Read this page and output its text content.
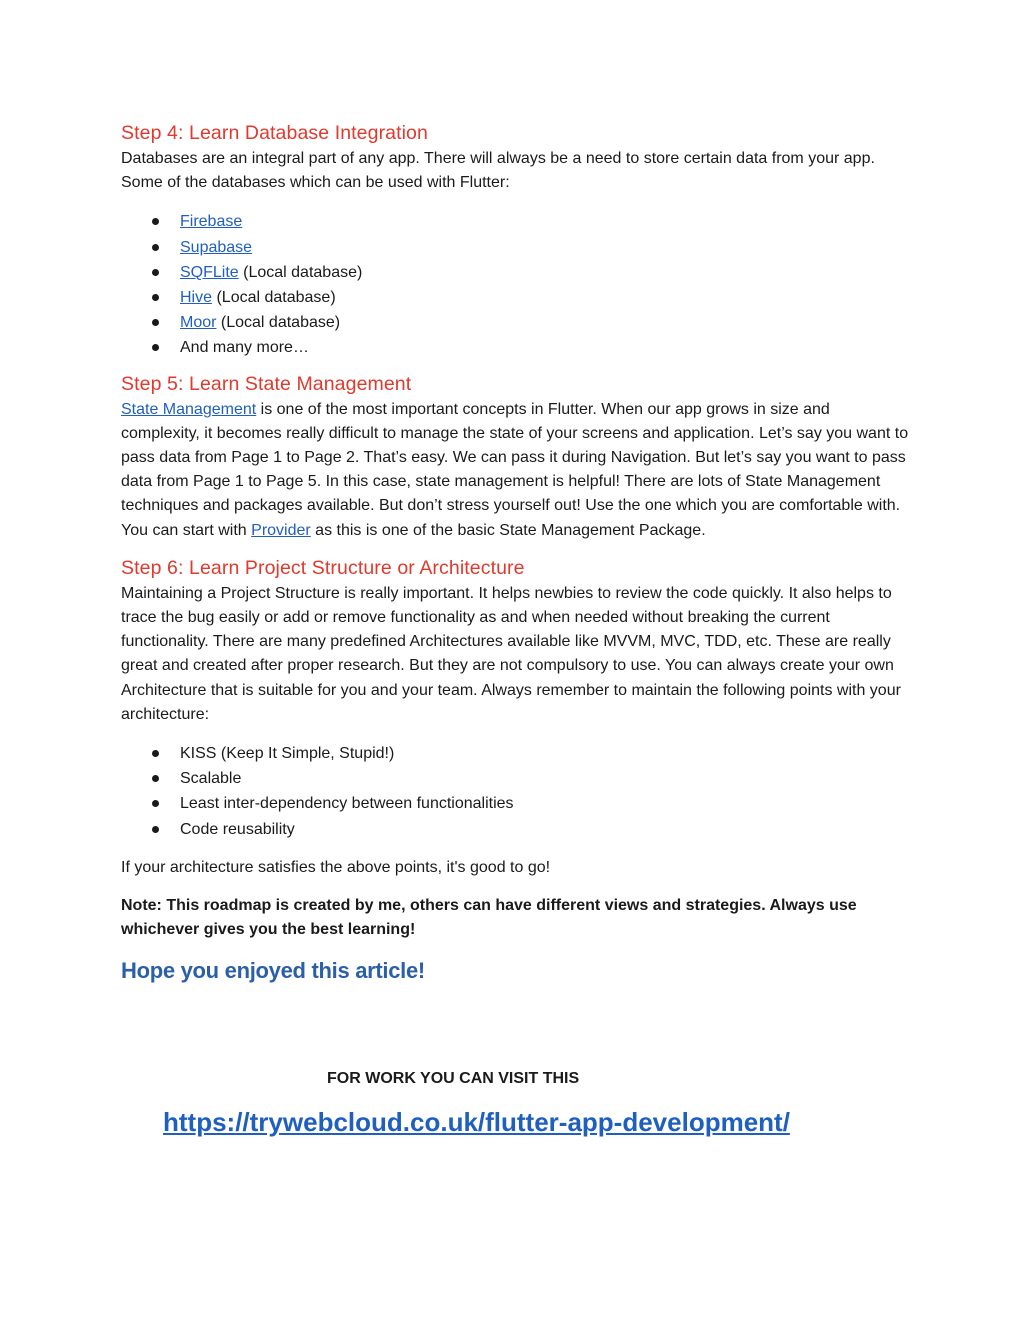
Step 4: Learn Database Integration

Databases are an integral part of any app. There will always be a need to store certain data from your app. Some of the databases which can be used with Flutter:

Firebase
Supabase
SQFLite (Local database)
Hive (Local database)
Moor (Local database)
And many more…
Step 5: Learn State Management

State Management is one of the most important concepts in Flutter. When our app grows in size and complexity, it becomes really difficult to manage the state of your screens and application. Let’s say you want to pass data from Page 1 to Page 2. That’s easy. We can pass it during Navigation. But let’s say you want to pass data from Page 1 to Page 5. In this case, state management is helpful! There are lots of State Management techniques and packages available. But don’t stress yourself out! Use the one which you are comfortable with. You can start with Provider as this is one of the basic State Management Package.

Step 6: Learn Project Structure or Architecture

Maintaining a Project Structure is really important. It helps newbies to review the code quickly. It also helps to trace the bug easily or add or remove functionality as and when needed without breaking the current functionality. There are many predefined Architectures available like MVVM, MVC, TDD, etc. These are really great and created after proper research. But they are not compulsory to use. You can always create your own Architecture that is suitable for you and your team. Always remember to maintain the following points with your architecture:

KISS (Keep It Simple, Stupid!)
Scalable
Least inter-dependency between functionalities
Code reusability

If your architecture satisfies the above points, it's good to go!

Note: This roadmap is created by me, others can have different views and strategies. Always use whichever gives you the best learning!

Hope you enjoyed this article!
FOR WORK YOU CAN VISIT THIS
https://trywebcloud.co.uk/flutter-app-development/
